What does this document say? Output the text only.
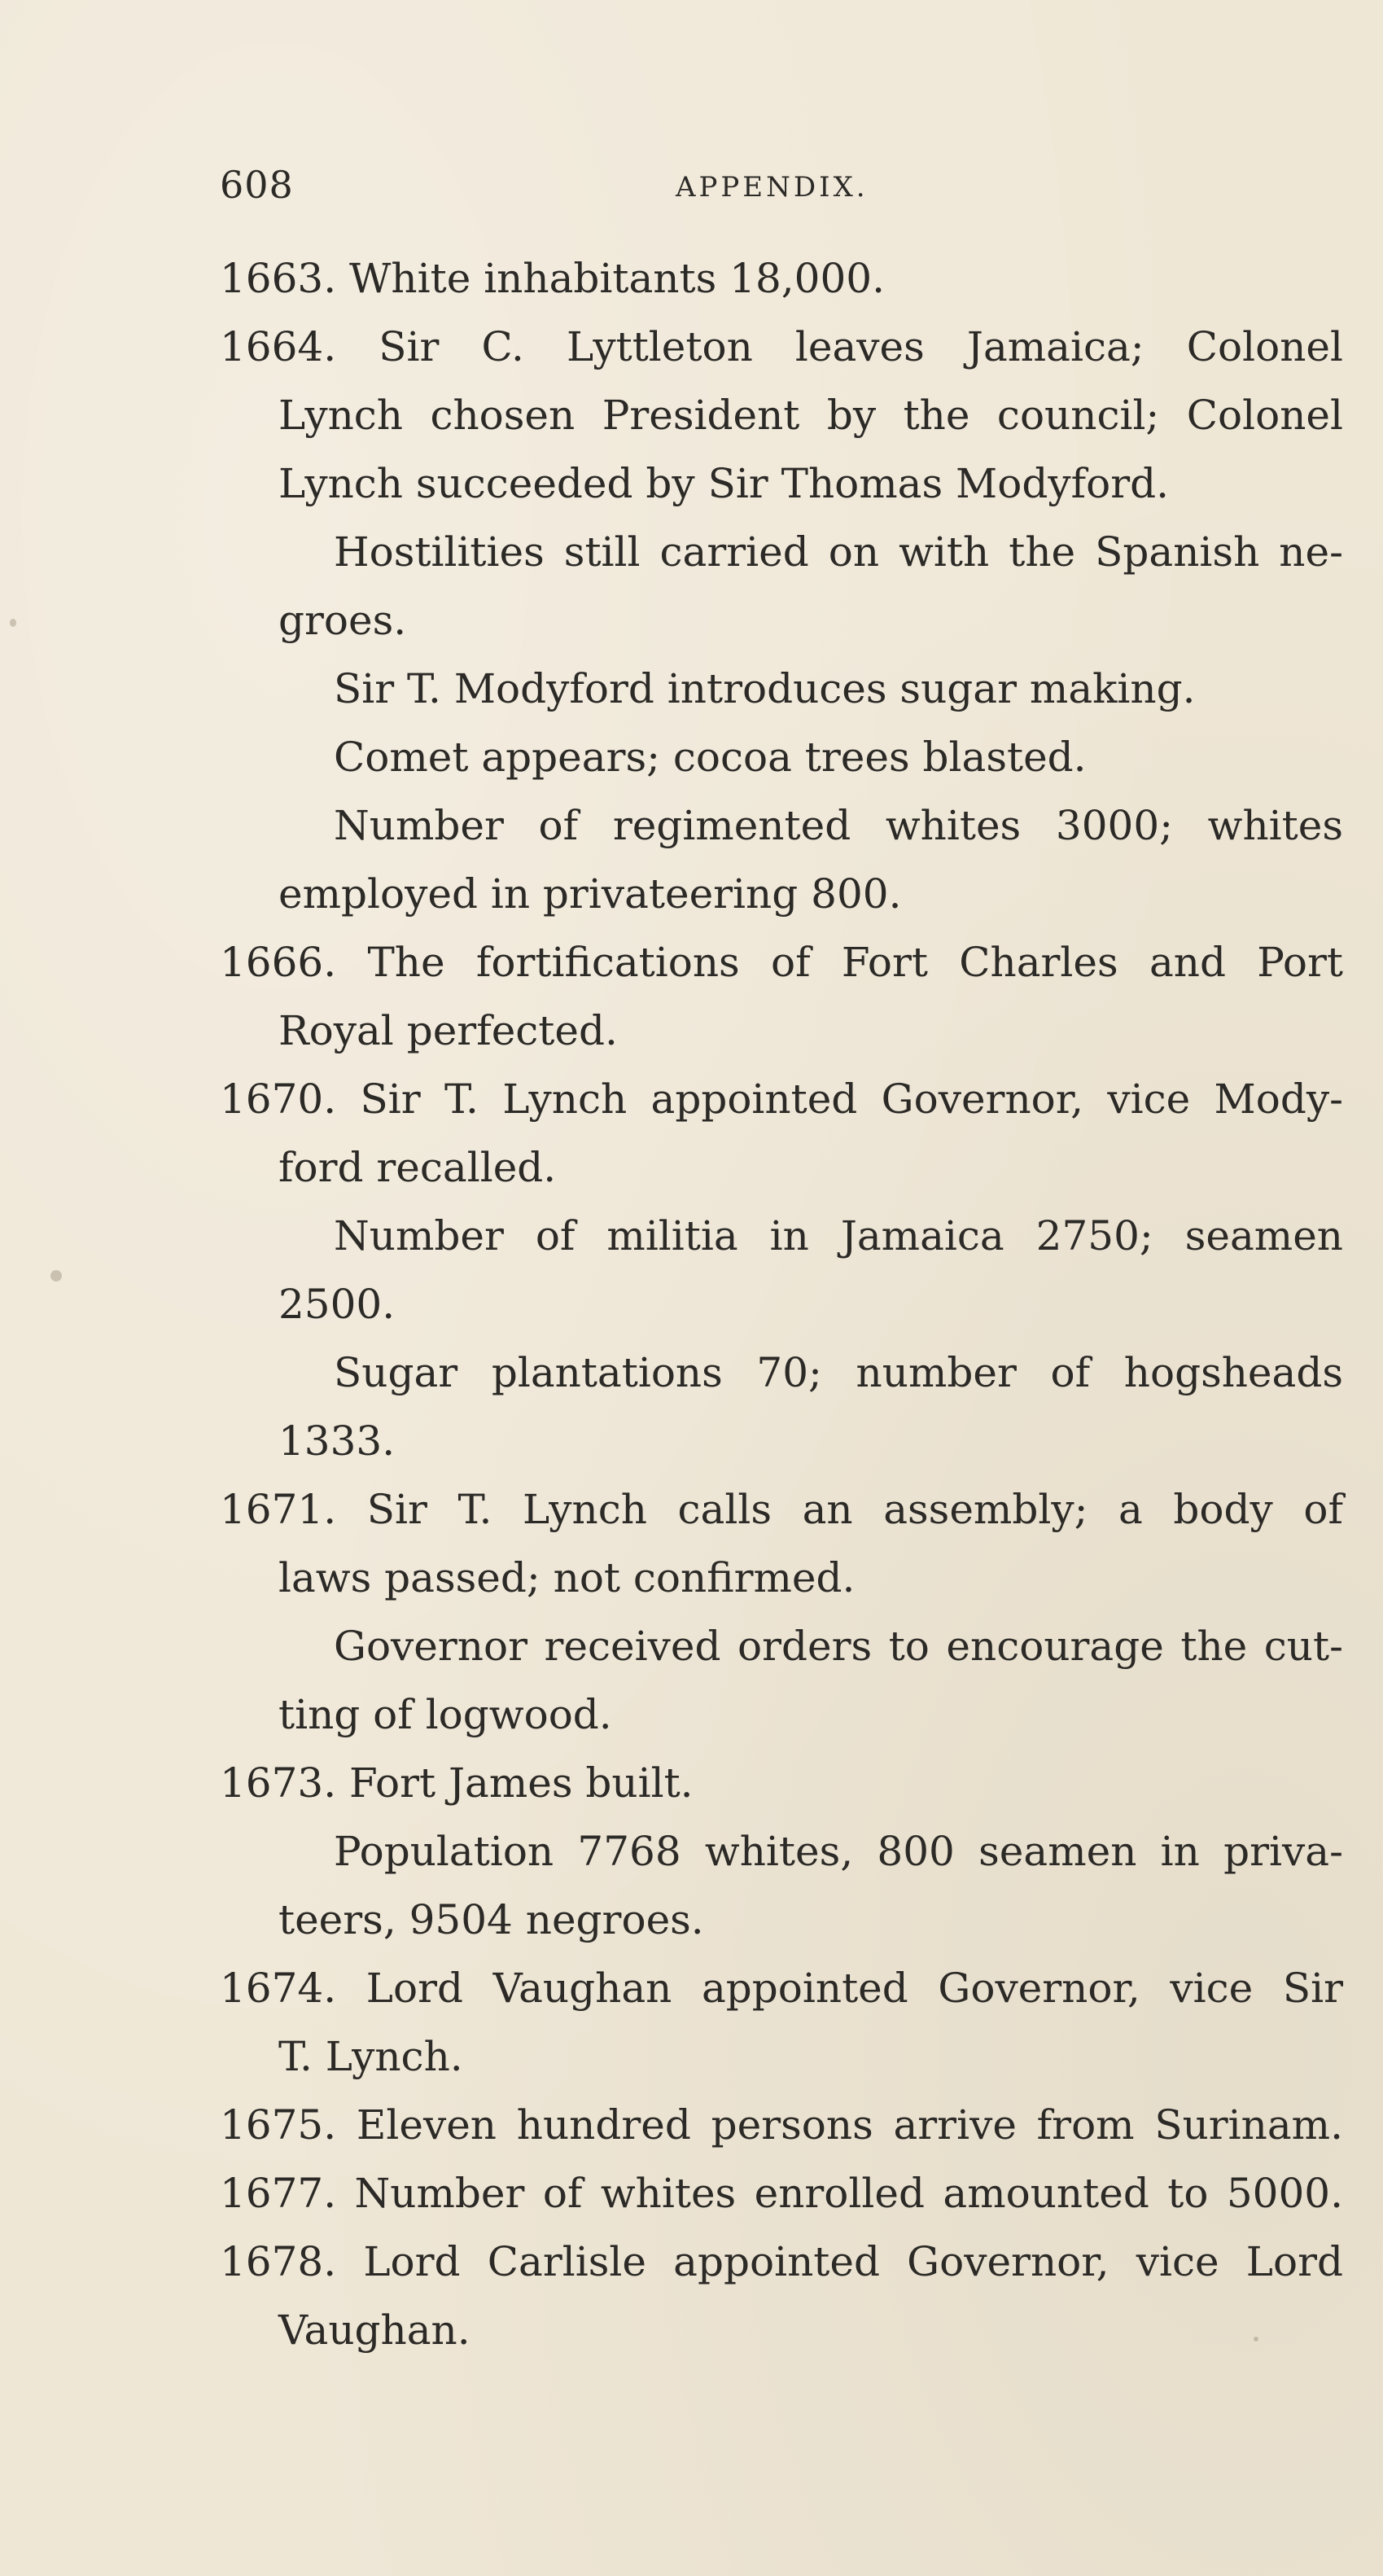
608	APPENDIX.
1663. White inhabitants 18,000.
1664. Sir C. Lyttleton leaves Jamaica; Colonel
Lynch chosen President by the council; Colonel
Lynch succeeded by Sir Thomas Modyford.
Hostilities still carried on with the Spanish ne-
groes.
Sir T. Modyford introduces sugar making.
Comet appears; cocoa trees blasted.
Number of regimented whites 3000; whites
employed in privateering 800.
1666. The fortifications of Fort Charles and Port
Royal perfected.
1670. Sir T. Lynch appointed Governor, vice Mody-
ford recalled.
Number of militia in Jamaica 2750; seamen
2500.
Sugar plantations 70; number of hogsheads
1333.
1671. Sir T. Lynch calls an assembly; a body of
laws passed; not confirmed.
Governor received orders to encourage the cut-
ting of logwood.
1673. Fort James built.
Population 7768 whites, 800 seamen in priva-
teers, 9504 negroes.
1674. Lord Vaughan appointed Governor, vice Sir
T. Lynch.
1675. Eleven hundred persons arrive from Surinam.
1677. Number of whites enrolled amounted to 5000.
1678. Lord Carlisle appointed Governor, vice Lord
Vaughan.
